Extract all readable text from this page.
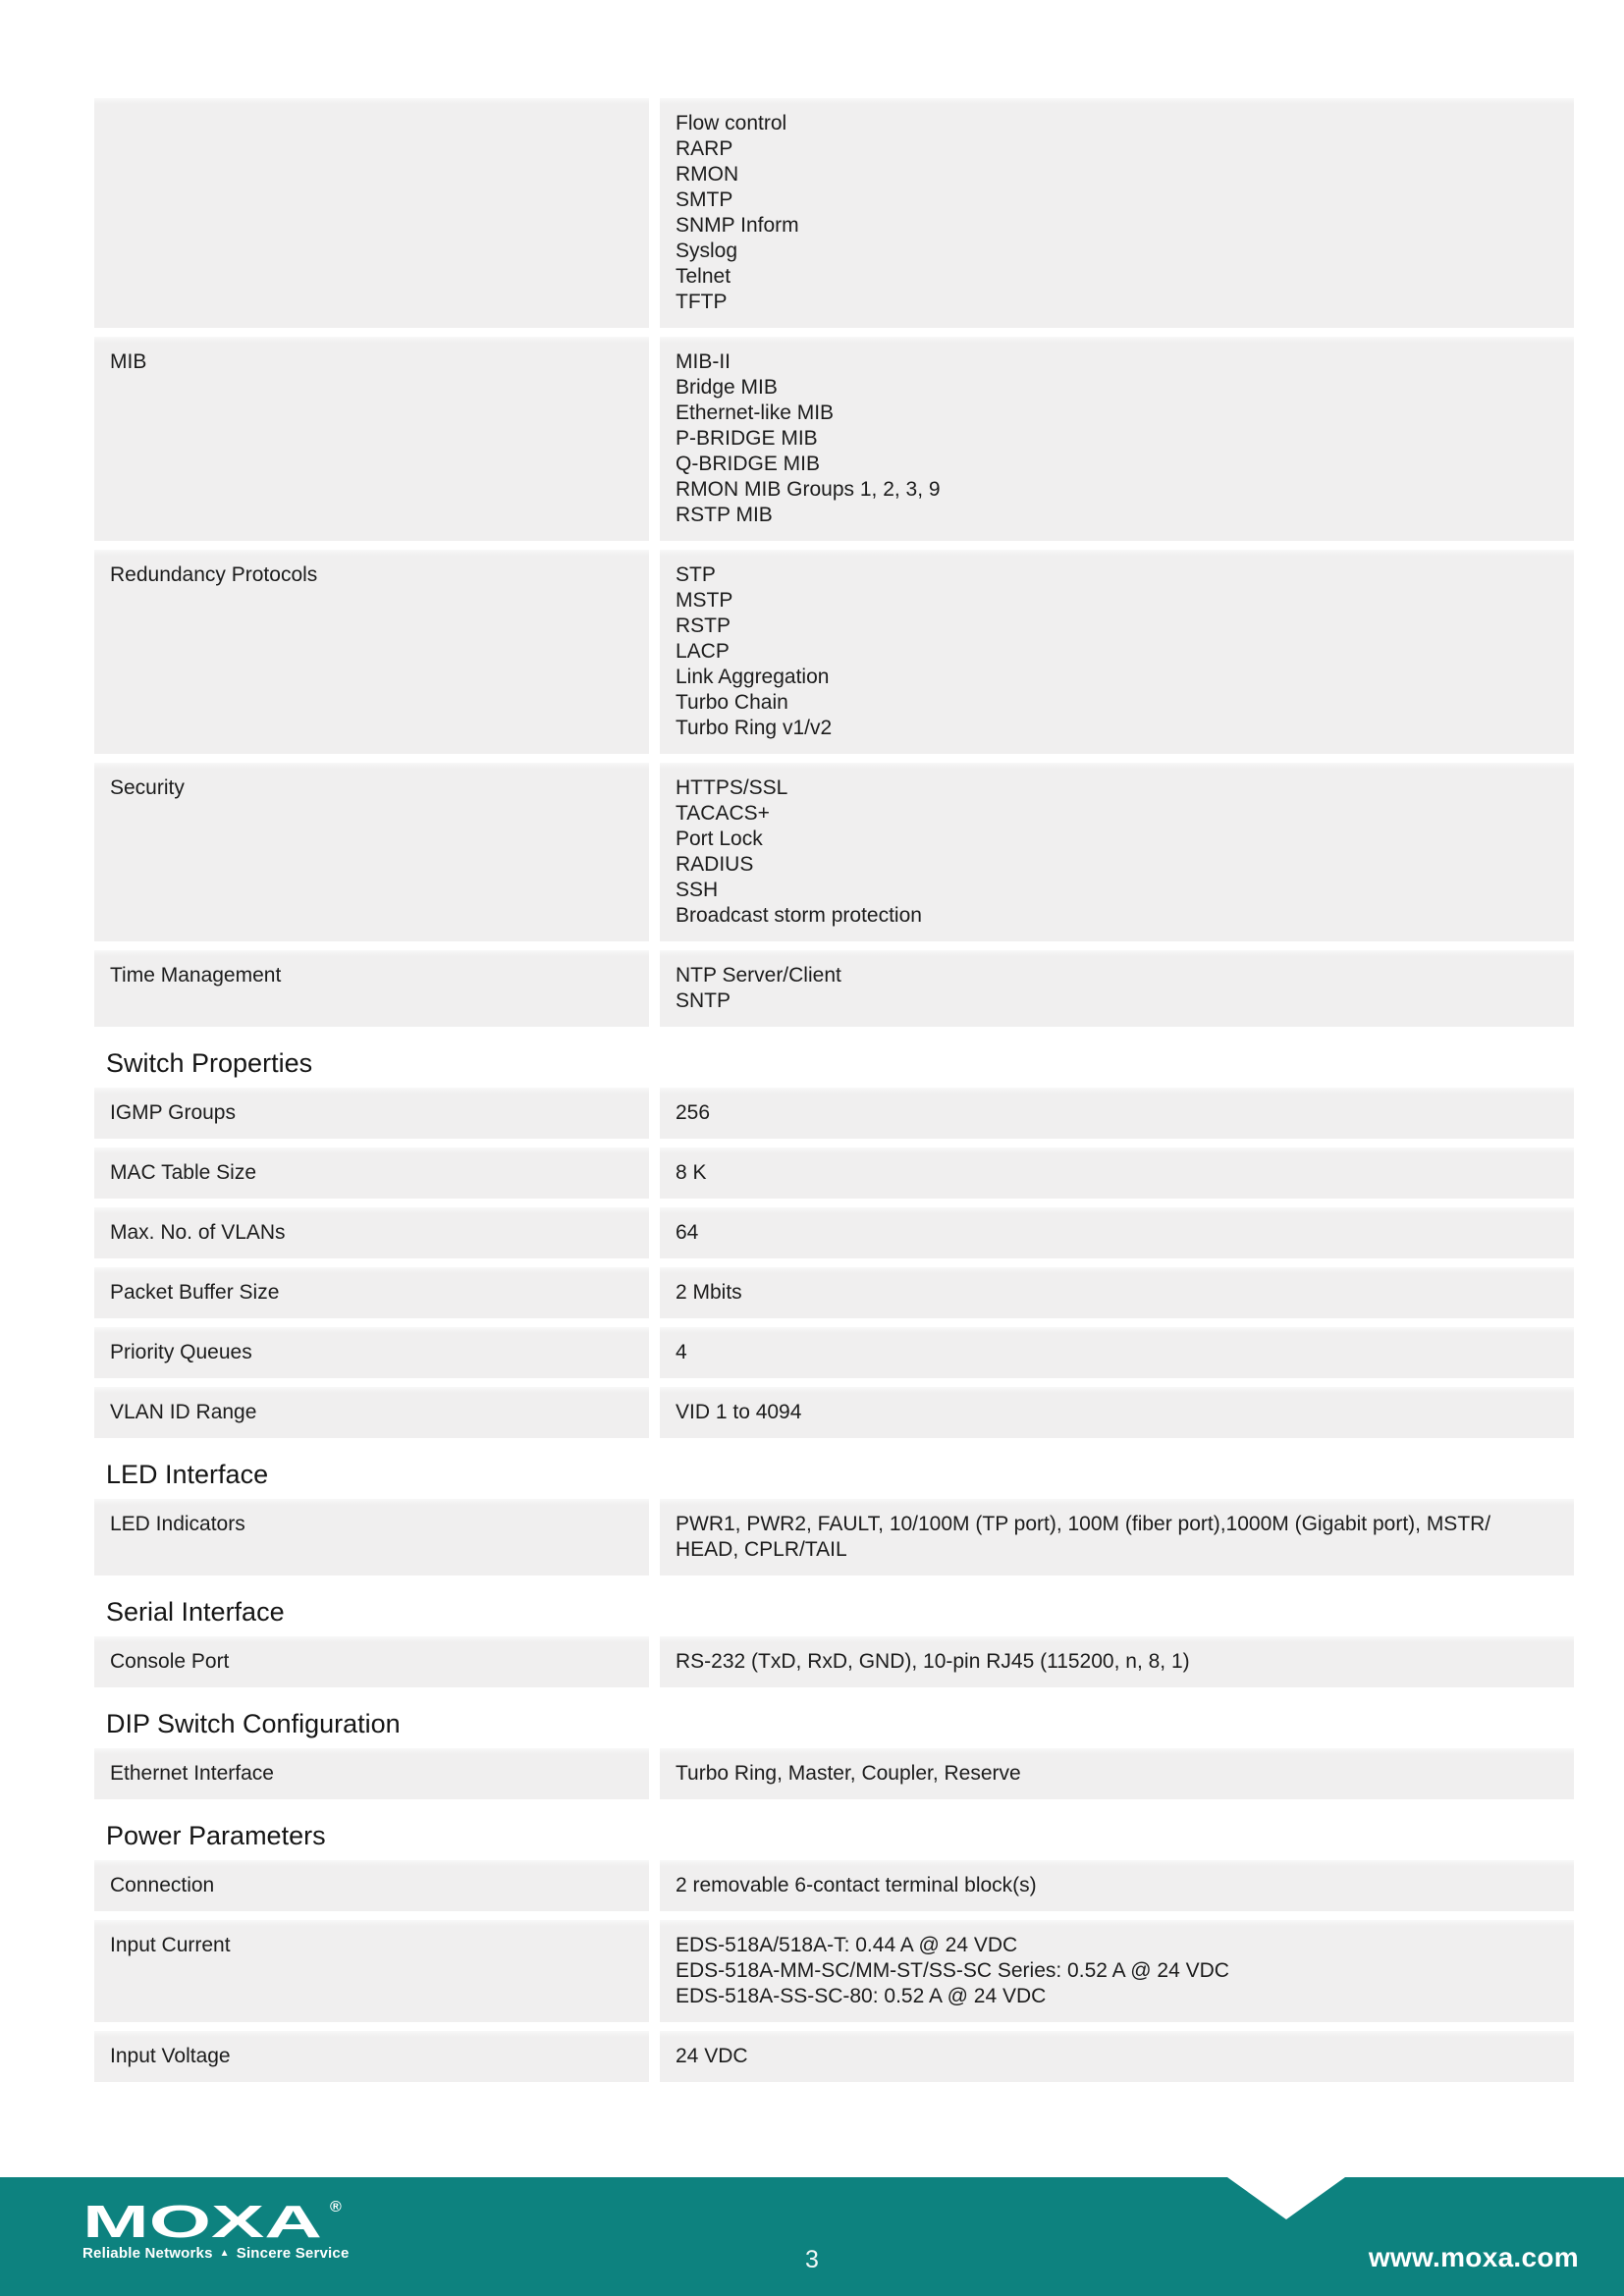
Flow control
RARP
RMON
SMTP
SNMP Inform
Syslog
Telnet
TFTP
MIB	MIB-II
Bridge MIB
Ethernet-like MIB
P-BRIDGE MIB
Q-BRIDGE MIB
RMON MIB Groups 1, 2, 3, 9
RSTP MIB
Redundancy Protocols	STP
MSTP
RSTP
LACP
Link Aggregation
Turbo Chain
Turbo Ring v1/v2
Security	HTTPS/SSL
TACACS+
Port Lock
RADIUS
SSH
Broadcast storm protection
Time Management	NTP Server/Client
SNTP
Switch Properties
IGMP Groups	256
MAC Table Size	8 K
Max. No. of VLANs	64
Packet Buffer Size	2 Mbits
Priority Queues	4
VLAN ID Range	VID 1 to 4094
LED Interface
LED Indicators	PWR1, PWR2, FAULT, 10/100M (TP port), 100M (fiber port),1000M (Gigabit port), MSTR/
HEAD, CPLR/TAIL
Serial Interface
Console Port	RS-232 (TxD, RxD, GND), 10-pin RJ45 (115200, n, 8, 1)
DIP Switch Configuration
Ethernet Interface	Turbo Ring, Master, Coupler, Reserve
Power Parameters
Connection	2 removable 6-contact terminal block(s)
Input Current	EDS-518A/518A-T: 0.44 A @ 24 VDC
EDS-518A-MM-SC/MM-ST/SS-SC Series: 0.52 A @ 24 VDC
EDS-518A-SS-SC-80: 0.52 A @ 24 VDC
Input Voltage	24 VDC
MOXA ®
Reliable Networks ▲ Sincere Service	3	www.moxa.com
